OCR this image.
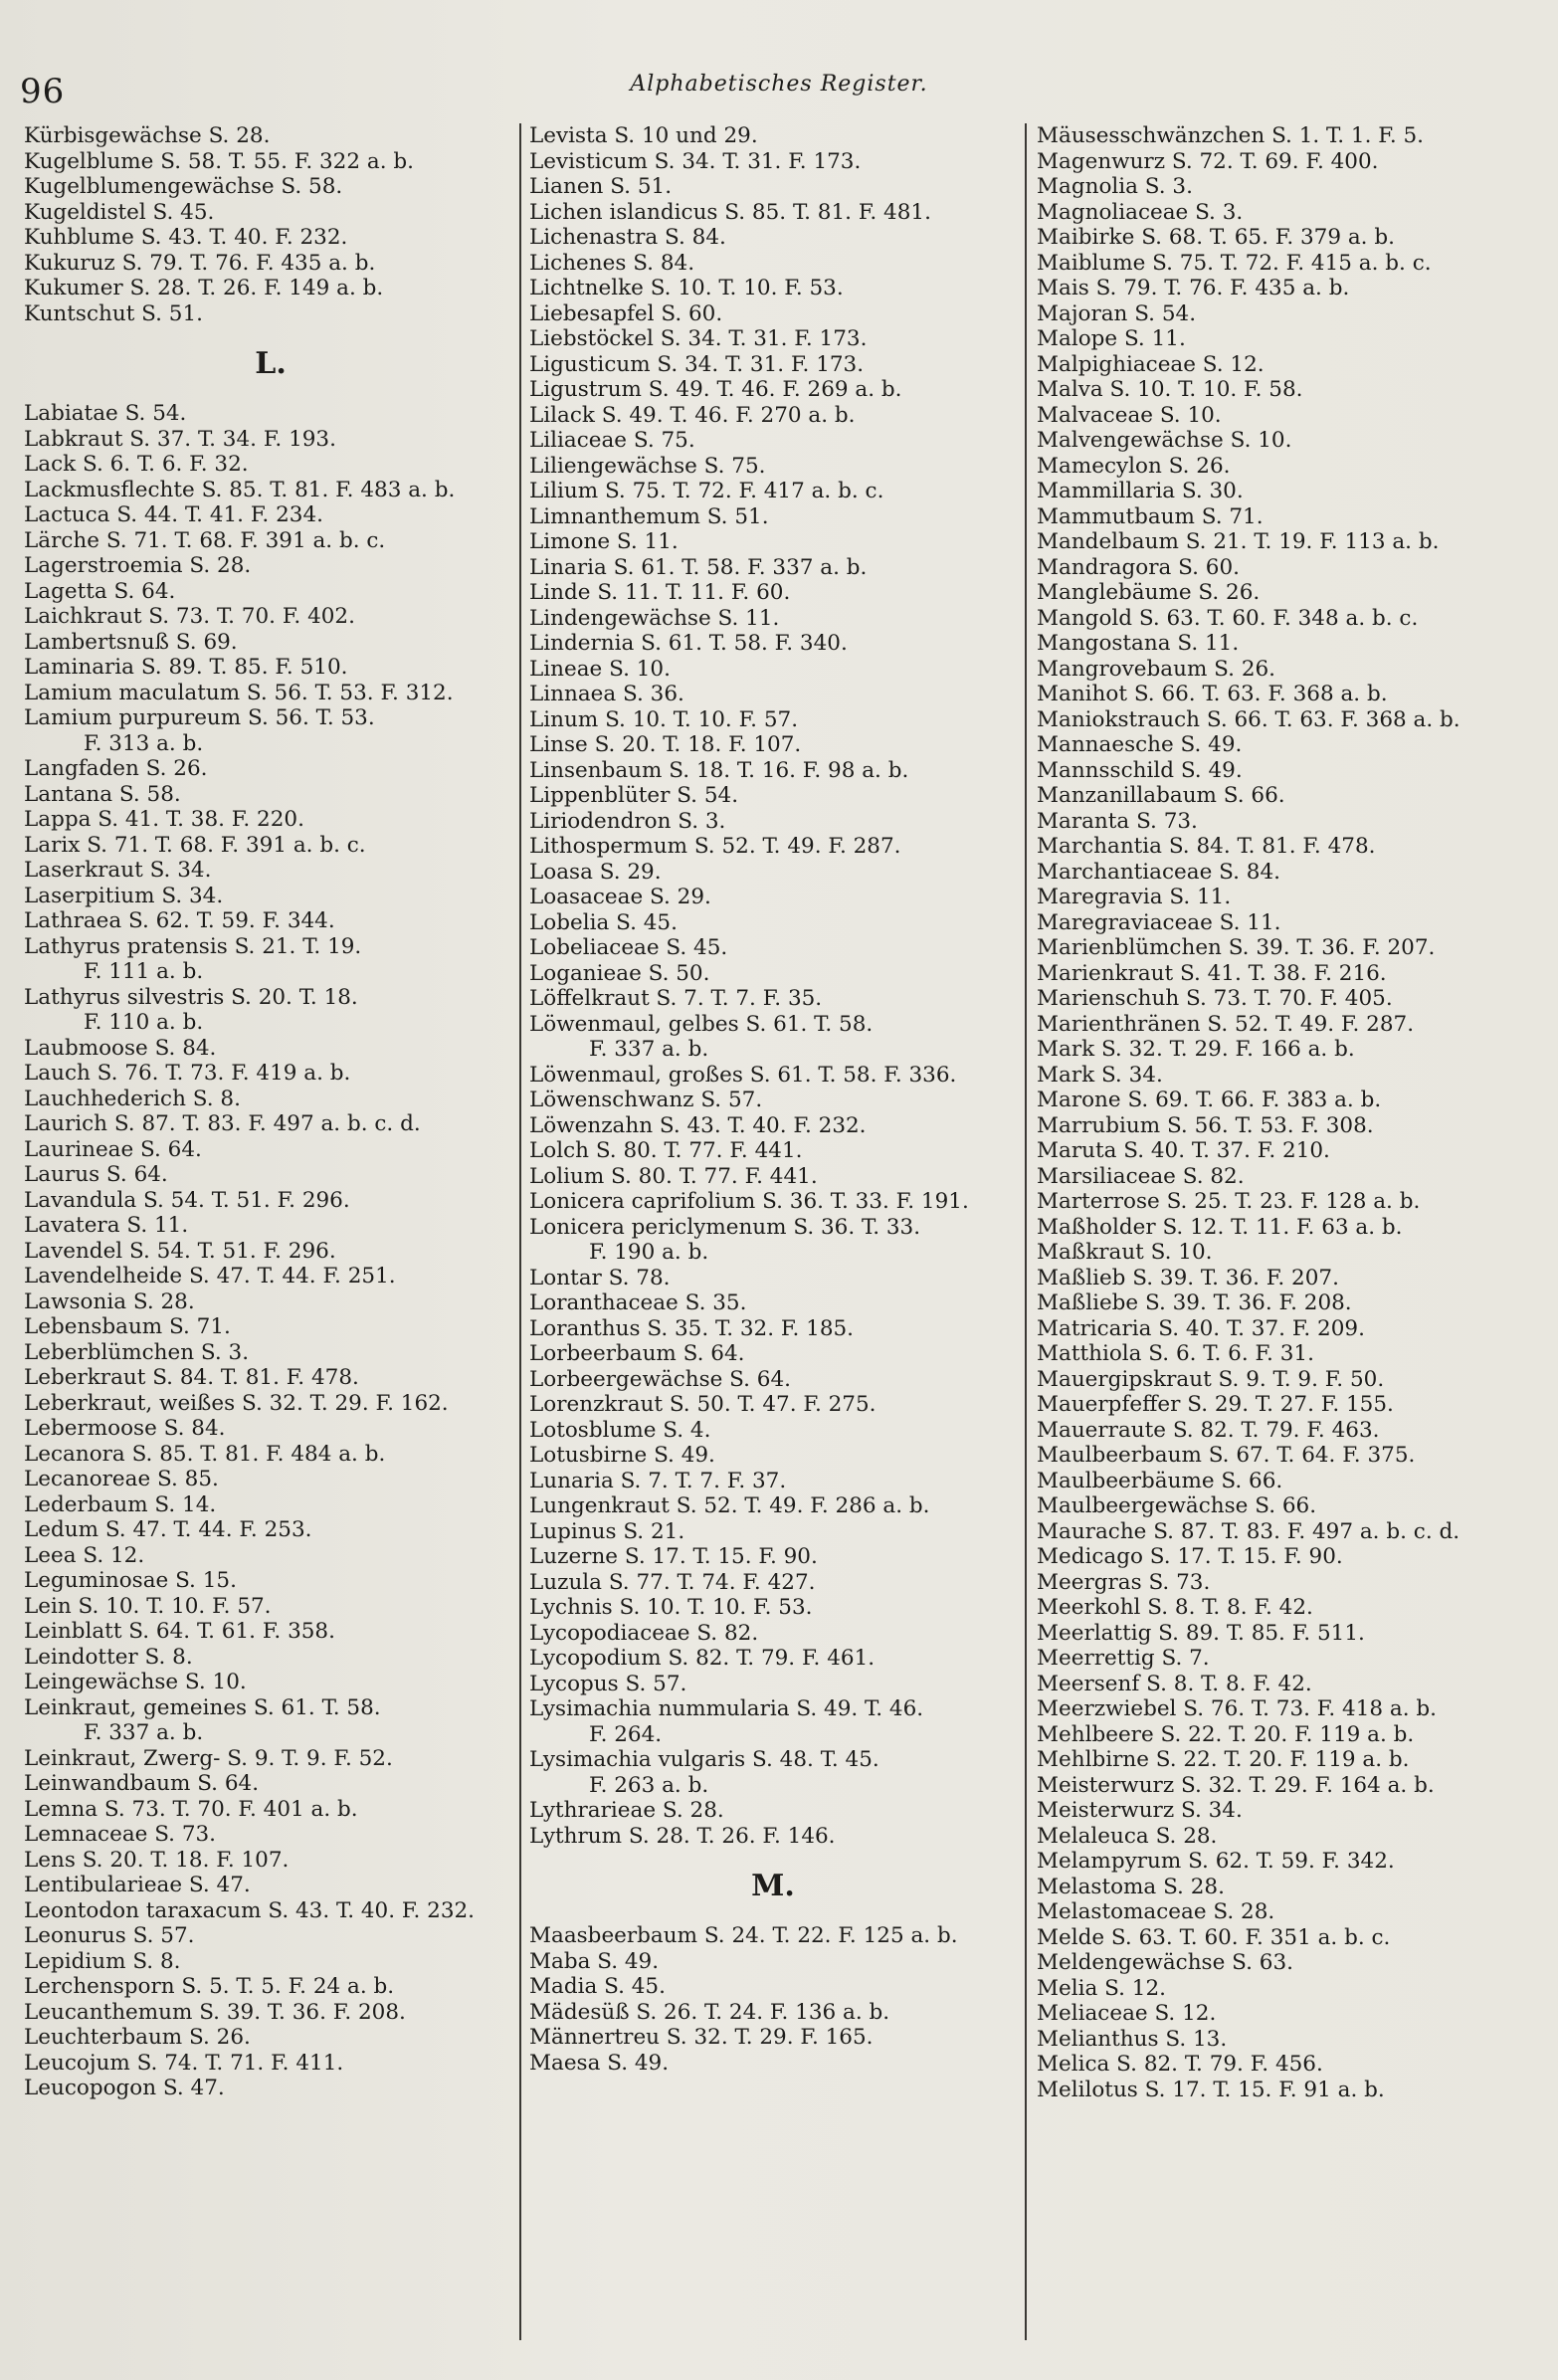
96	Alphabetisches Register.
Kürbisgewächse S. 28.
Kugelblume S. 58. T. 55. F. 322 a. b.
Kugelblumengewächse S. 58.
Kugeldistel S. 45.
Kuhblume S. 43. T. 40. F. 232.
Kukuruz S. 79. T. 76. F. 435 a. b.
Kukumer S. 28. T. 26. F. 149 a. b.
Kuntschut S. 51.
L.
Labiatae S. 54.
Labkraut S. 37. T. 34. F. 193.
Lack S. 6. T. 6. F. 32.
Lackmusflechte S. 85. T. 81. F. 483 a. b.
Lactuca S. 44. T. 41. F. 234.
Lärche S. 71. T. 68. F. 391 a. b. c.
Lagerstroemia S. 28.
Lagetta S. 64.
Laichkraut S. 73. T. 70. F. 402.
Lambertsnuß S. 69.
Laminaria S. 89. T. 85. F. 510.
Lamium maculatum S. 56. T. 53. F. 312.
Lamium purpureum S. 56. T. 53.
F. 313 a. b.
Langfaden S. 26.
Lantana S. 58.
Lappa S. 41. T. 38. F. 220.
Larix S. 71. T. 68. F. 391 a. b. c.
Laserkraut S. 34.
Laserpitium S. 34.
Lathraea S. 62. T. 59. F. 344.
Lathyrus pratensis S. 21. T. 19.
F. 111 a. b.
Lathyrus silvestris S. 20. T. 18.
F. 110 a. b.
Laubmoose S. 84.
Lauch S. 76. T. 73. F. 419 a. b.
Lauchhederich S. 8.
Laurich S. 87. T. 83. F. 497 a. b. c. d.
Laurineae S. 64.
Laurus S. 64.
Lavandula S. 54. T. 51. F. 296.
Lavatera S. 11.
Lavendel S. 54. T. 51. F. 296.
Lavendelheide S. 47. T. 44. F. 251.
Lawsonia S. 28.
Lebensbaum S. 71.
Leberblümchen S. 3.
Leberkraut S. 84. T. 81. F. 478.
Leberkraut, weißes S. 32. T. 29. F. 162.
Lebermoose S. 84.
Lecanora S. 85. T. 81. F. 484 a. b.
Lecanoreae S. 85.
Lederbaum S. 14.
Ledum S. 47. T. 44. F. 253.
Leea S. 12.
Leguminosae S. 15.
Lein S. 10. T. 10. F. 57.
Leinblatt S. 64. T. 61. F. 358.
Leindotter S. 8.
Leingewächse S. 10.
Leinkraut, gemeines S. 61. T. 58.
F. 337 a. b.
Leinkraut, Zwerg- S. 9. T. 9. F. 52.
Leinwandbaum S. 64.
Lemna S. 73. T. 70. F. 401 a. b.
Lemnaceae S. 73.
Lens S. 20. T. 18. F. 107.
Lentibularieae S. 47.
Leontodon taraxacum S. 43. T. 40. F. 232.
Leonurus S. 57.
Lepidium S. 8.
Lerchensporn S. 5. T. 5. F. 24 a. b.
Leucanthemum S. 39. T. 36. F. 208.
Leuchterbaum S. 26.
Leucojum S. 74. T. 71. F. 411.
Leucopogon S. 47.
Levista S. 10 und 29.
Levisticum S. 34. T. 31. F. 173.
Lianen S. 51.
Lichen islandicus S. 85. T. 81. F. 481.
Lichenastra S. 84.
Lichenes S. 84.
Lichtnelke S. 10. T. 10. F. 53.
Liebesapfel S. 60.
Liebstöckel S. 34. T. 31. F. 173.
Ligusticum S. 34. T. 31. F. 173.
Ligustrum S. 49. T. 46. F. 269 a. b.
Lilack S. 49. T. 46. F. 270 a. b.
Liliaceae S. 75.
Liliengewächse S. 75.
Lilium S. 75. T. 72. F. 417 a. b. c.
Limnanthemum S. 51.
Limone S. 11.
Linaria S. 61. T. 58. F. 337 a. b.
Linde S. 11. T. 11. F. 60.
Lindengewächse S. 11.
Lindernia S. 61. T. 58. F. 340.
Lineae S. 10.
Linnaea S. 36.
Linum S. 10. T. 10. F. 57.
Linse S. 20. T. 18. F. 107.
Linsenbaum S. 18. T. 16. F. 98 a. b.
Lippenblüter S. 54.
Liriodendron S. 3.
Lithospermum S. 52. T. 49. F. 287.
Loasa S. 29.
Loasaceae S. 29.
Lobelia S. 45.
Lobeliaceae S. 45.
Loganieae S. 50.
Löffelkraut S. 7. T. 7. F. 35.
Löwenmaul, gelbes S. 61. T. 58.
F. 337 a. b.
Löwenmaul, großes S. 61. T. 58. F. 336.
Löwenschwanz S. 57.
Löwenzahn S. 43. T. 40. F. 232.
Lolch S. 80. T. 77. F. 441.
Lolium S. 80. T. 77. F. 441.
Lonicera caprifolium S. 36. T. 33. F. 191.
Lonicera periclymenum S. 36. T. 33.
F. 190 a. b.
Lontar S. 78.
Loranthaceae S. 35.
Loranthus S. 35. T. 32. F. 185.
Lorbeerbaum S. 64.
Lorbeergewächse S. 64.
Lorenzkraut S. 50. T. 47. F. 275.
Lotosblume S. 4.
Lotusbirne S. 49.
Lunaria S. 7. T. 7. F. 37.
Lungenkraut S. 52. T. 49. F. 286 a. b.
Lupinus S. 21.
Luzerne S. 17. T. 15. F. 90.
Luzula S. 77. T. 74. F. 427.
Lychnis S. 10. T. 10. F. 53.
Lycopodiaceae S. 82.
Lycopodium S. 82. T. 79. F. 461.
Lycopus S. 57.
Lysimachia nummularia S. 49. T. 46.
F. 264.
Lysimachia vulgaris S. 48. T. 45.
F. 263 a. b.
Lythrarieae S. 28.
Lythrum S. 28. T. 26. F. 146.
M.
Maasbeerbaum S. 24. T. 22. F. 125 a. b.
Maba S. 49.
Madia S. 45.
Mädesüß S. 26. T. 24. F. 136 a. b.
Männertreu S. 32. T. 29. F. 165.
Maesa S. 49.
Mäusesschwänzchen S. 1. T. 1. F. 5.
Magenwurz S. 72. T. 69. F. 400.
Magnolia S. 3.
Magnoliaceae S. 3.
Maibirke S. 68. T. 65. F. 379 a. b.
Maiblume S. 75. T. 72. F. 415 a. b. c.
Mais S. 79. T. 76. F. 435 a. b.
Majoran S. 54.
Malope S. 11.
Malpighiaceae S. 12.
Malva S. 10. T. 10. F. 58.
Malvaceae S. 10.
Malvengewächse S. 10.
Mamecylon S. 26.
Mammillaria S. 30.
Mammutbaum S. 71.
Mandelbaum S. 21. T. 19. F. 113 a. b.
Mandragora S. 60.
Manglebäume S. 26.
Mangold S. 63. T. 60. F. 348 a. b. c.
Mangostana S. 11.
Mangrovebaum S. 26.
Manihot S. 66. T. 63. F. 368 a. b.
Maniokstrauch S. 66. T. 63. F. 368 a. b.
Mannaesche S. 49.
Mannsschild S. 49.
Manzanillabaum S. 66.
Maranta S. 73.
Marchantia S. 84. T. 81. F. 478.
Marchantiaceae S. 84.
Maregravia S. 11.
Maregraviaceae S. 11.
Marienblümchen S. 39. T. 36. F. 207.
Marienkraut S. 41. T. 38. F. 216.
Marienschuh S. 73. T. 70. F. 405.
Marienthränen S. 52. T. 49. F. 287.
Mark S. 32. T. 29. F. 166 a. b.
Mark S. 34.
Marone S. 69. T. 66. F. 383 a. b.
Marrubium S. 56. T. 53. F. 308.
Maruta S. 40. T. 37. F. 210.
Marsiliaceae S. 82.
Marterrose S. 25. T. 23. F. 128 a. b.
Maßholder S. 12. T. 11. F. 63 a. b.
Maßkraut S. 10.
Maßlieb S. 39. T. 36. F. 207.
Maßliebe S. 39. T. 36. F. 208.
Matricaria S. 40. T. 37. F. 209.
Matthiola S. 6. T. 6. F. 31.
Mauergipskraut S. 9. T. 9. F. 50.
Mauerpfeffer S. 29. T. 27. F. 155.
Mauerraute S. 82. T. 79. F. 463.
Maulbeerbaum S. 67. T. 64. F. 375.
Maulbeerbäume S. 66.
Maulbeergewächse S. 66.
Maurache S. 87. T. 83. F. 497 a. b. c. d.
Medicago S. 17. T. 15. F. 90.
Meergras S. 73.
Meerkohl S. 8. T. 8. F. 42.
Meerlattig S. 89. T. 85. F. 511.
Meerrettig S. 7.
Meersenf S. 8. T. 8. F. 42.
Meerzwiebel S. 76. T. 73. F. 418 a. b.
Mehlbeere S. 22. T. 20. F. 119 a. b.
Mehlbirne S. 22. T. 20. F. 119 a. b.
Meisterwurz S. 32. T. 29. F. 164 a. b.
Meisterwurz S. 34.
Melaleuca S. 28.
Melampyrum S. 62. T. 59. F. 342.
Melastoma S. 28.
Melastomaceae S. 28.
Melde S. 63. T. 60. F. 351 a. b. c.
Meldengewächse S. 63.
Melia S. 12.
Meliaceae S. 12.
Melianthus S. 13.
Melica S. 82. T. 79. F. 456.
Melilotus S. 17. T. 15. F. 91 a. b.
